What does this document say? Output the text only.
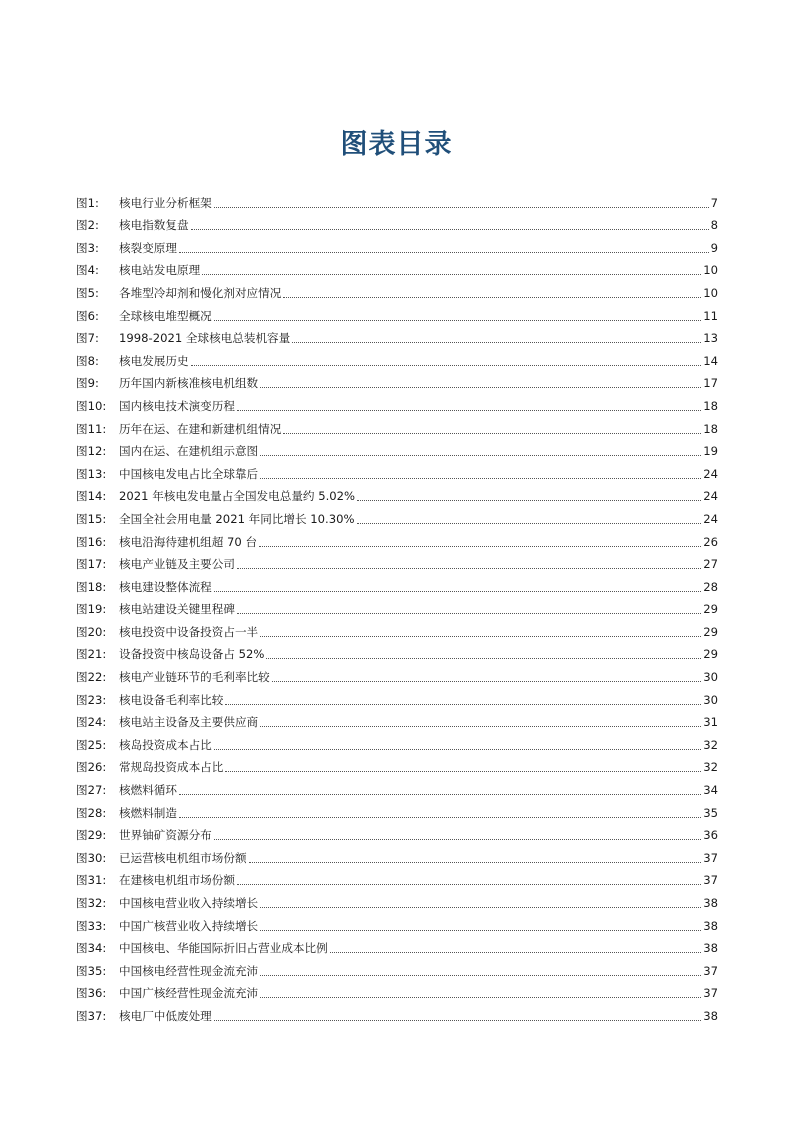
图表目录
图1:	核电行业分析框架	7
图2:	核电指数复盘	8
图3:	核裂变原理	9
图4:	核电站发电原理	10
图5:	各堆型冷却剂和慢化剂对应情况	10
图6:	全球核电堆型概况	11
图7:	1998-2021 全球核电总装机容量	13
图8:	核电发展历史	14
图9:	历年国内新核准核电机组数	17
图10:	国内核电技术演变历程	18
图11:	历年在运、在建和新建机组情况	18
图12:	国内在运、在建机组示意图	19
图13:	中国核电发电占比全球靠后	24
图14:	2021 年核电发电量占全国发电总量约 5.02%	24
图15:	全国全社会用电量 2021 年同比增长 10.30%	24
图16:	核电沿海待建机组超 70 台	26
图17:	核电产业链及主要公司	27
图18:	核电建设整体流程	28
图19:	核电站建设关键里程碑	29
图20:	核电投资中设备投资占一半	29
图21:	设备投资中核岛设备占 52%	29
图22:	核电产业链环节的毛利率比较	30
图23:	核电设备毛利率比较	30
图24:	核电站主设备及主要供应商	31
图25:	核岛投资成本占比	32
图26:	常规岛投资成本占比	32
图27:	核燃料循环	34
图28:	核燃料制造	35
图29:	世界铀矿资源分布	36
图30:	已运营核电机组市场份额	37
图31:	在建核电机组市场份额	37
图32:	中国核电营业收入持续增长	38
图33:	中国广核营业收入持续增长	38
图34:	中国核电、华能国际折旧占营业成本比例	38
图35:	中国核电经营性现金流充沛	37
图36:	中国广核经营性现金流充沛	37
图37:	核电厂中低废处理	38
